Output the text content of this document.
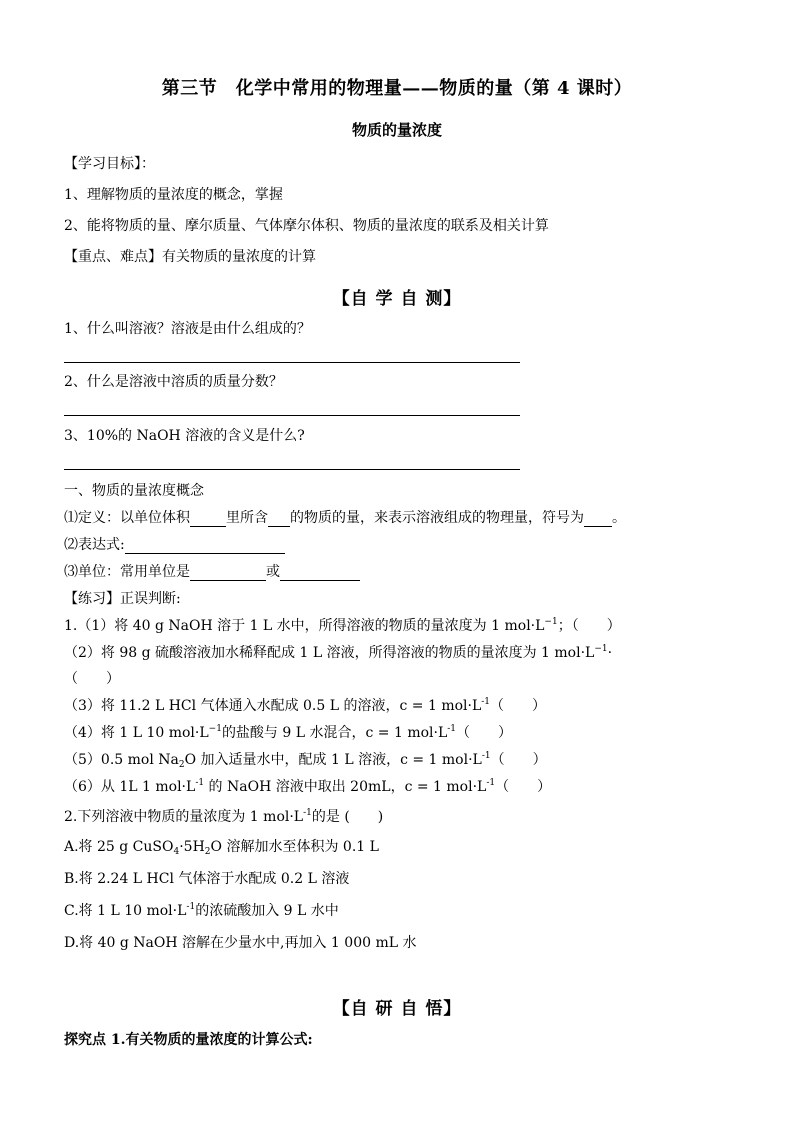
第三节　化学中常用的物理量——物质的量（第 4 课时）
物质的量浓度
【学习目标】：
1、理解物质的量浓度的概念，掌握
2、能将物质的量、摩尔质量、气体摩尔体积、物质的量浓度的联系及相关计算
【重点、难点】有关物质的量浓度的计算
【自 学 自 测】
1、什么叫溶液？溶液是由什么组成的？
2、什么是溶液中溶质的质量分数？
3、10%的 NaOH 溶液的含义是什么?
一、物质的量浓度概念
⑴定义：以单位体积	里所含 的物质的量，来表示溶液组成的物理量，符号为 。
⑵表达式:
⑶单位：常用单位是	或
【练习】正误判断:
1.（1）将 40 g NaOH 溶于 1 L 水中，所得溶液的物质的量浓度为 1 $mol\cdot L^{-1}$；（　　）
（2）将 98 g 硫酸溶液加水稀释配成 1 L 溶液，所得溶液的物质的量浓度为 1 $mol\cdot L^{-1}\cdot$
（　　）
（3）将 11.2 L HCl 气体通入水配成 0.5 L 的溶液，c = 1 $mol\cdot L^{-1}$（　　）
（4）将 1 L 10 $mol\cdot L^{-1}$的盐酸与 9 L 水混合，c = 1 $mol\cdot L^{-1}$（　　）
（5）0.5 mol $Na_2O$ 加入适量水中，配成 1 L 溶液，c = 1 $mol\cdot L^{-1}$（　　）
（6）从 1L 1 $mol\cdot L^{-1}$ 的 NaOH 溶液中取出 20mL，c = 1 $mol\cdot L^{-1}$（　　）
2.下列溶液中物质的量浓度为 1 $mol\cdot L^{-1}$的是 (　　)
A.将 25 g $CuSO_4\cdot 5H_2O$ 溶解加水至体积为 0.1 L
B.将 2.24 L HCl 气体溶于水配成 0.2 L 溶液
C.将 1 L 10 $mol\cdot L^{-1}$的浓硫酸加入 9 L 水中
D.将 40 g NaOH 溶解在少量水中,再加入 1 000 mL 水
【自 研 自 悟】
探究点 1.有关物质的量浓度的计算公式:
